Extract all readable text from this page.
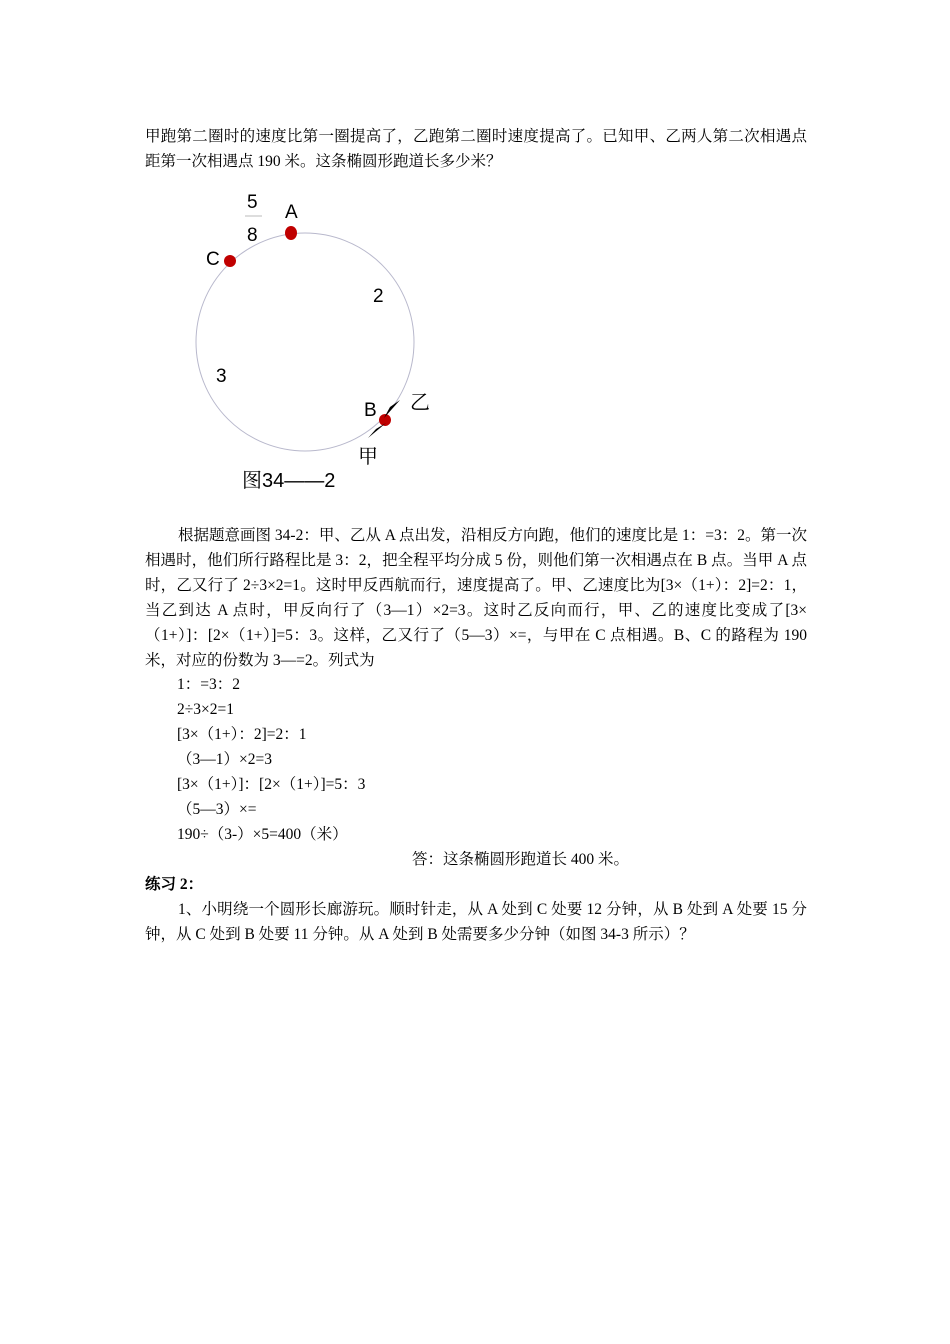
甲跑第二圈时的速度比第一圈提高了，乙跑第二圈时速度提高了。已知甲、乙两人第二次相遇点距第一次相遇点 190 米。这条椭圆形跑道长多少米？
5
8
A
C
2
3
B 乙
甲
图34——2
根据题意画图 34-2：甲、乙从 A 点出发，沿相反方向跑，他们的速度比是 1：=3：2。第一次相遇时，他们所行路程比是 3：2，把全程平均分成 5 份，则他们第一次相遇点在 B 点。当甲 A 点时，乙又行了 2÷3×2=1。这时甲反西航而行，速度提高了。甲、乙速度比为[3×（1+）：2]=2：1，当乙到达 A 点时，甲反向行了（3—1）×2=3。这时乙反向而行，甲、乙的速度比变成了[3×（1+）]：[2×（1+）]=5：3。这样，乙又行了（5—3）×=，与甲在 C 点相遇。B、C 的路程为 190 米，对应的份数为 3—=2。列式为
1：=3：2
2÷3×2=1
[3×（1+）：2]=2：1
（3—1）×2=3
[3×（1+）]：[2×（1+）]=5：3
（5—3）×=
190÷（3-）×5=400（米）
答：这条椭圆形跑道长 400 米。
练习 2：
1、小明绕一个圆形长廊游玩。顺时针走，从 A 处到 C 处要 12 分钟，从 B 处到 A 处要 15 分钟，从 C 处到 B 处要 11 分钟。从 A 处到 B 处需要多少分钟（如图 34-3 所示）？
